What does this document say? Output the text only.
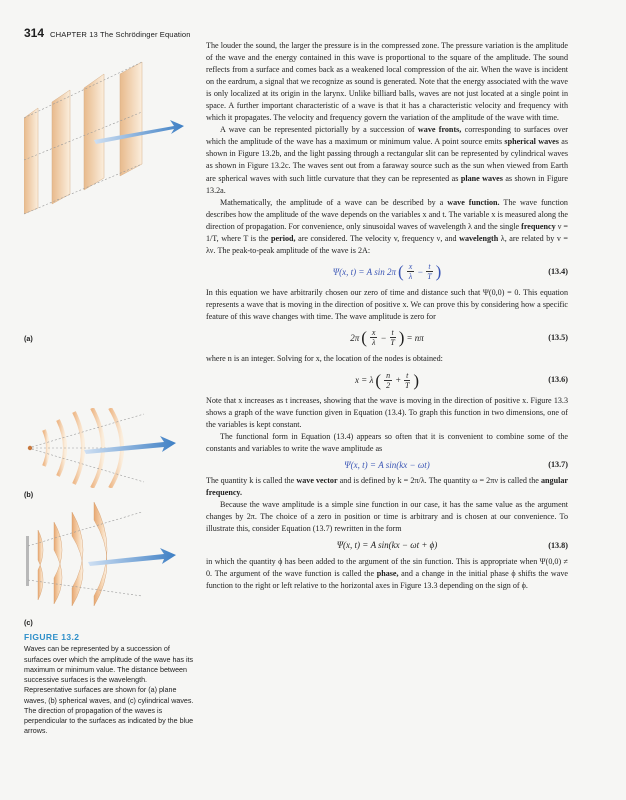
314 CHAPTER 13 The Schrödinger Equation
(a)
(b)
(c)
FIGURE 13.2
Waves can be represented by a succession of surfaces over which the amplitude of the wave has its maximum or minimum value. The distance between successive surfaces is the wavelength. Representative surfaces are shown for (a) plane waves, (b) spherical waves, and (c) cylindrical waves. The direction of propagation of the waves is perpendicular to the surfaces as indicated by the blue arrows.

The louder the sound, the larger the pressure is in the compressed zone. The pressure variation is the amplitude of the wave and the energy contained in this wave is proportional to the square of the amplitude. The sound reflects from a surface and comes back as a weakened local compression of the air. When the wave is incident on the eardrum, a signal that we recognize as sound is generated. Note that the energy associated with the wave is only localized at its origin in the larynx. Unlike billiard balls, waves are not just located at a single point in space. A further important characteristic of a wave is that it has a characteristic velocity and frequency with which it propagates. The velocity and frequency govern the variation of the amplitude of the wave with time.

A wave can be represented pictorially by a succession of wave fronts, corresponding to surfaces over which the amplitude of the wave has a maximum or minimum value. A point source emits spherical waves as shown in Figure 13.2b, and the light passing through a rectangular slit can be represented by cylindrical waves as shown in Figure 13.2c. The waves sent out from a faraway source such as the sun when viewed from Earth are spherical waves with such little curvature that they can be represented as plane waves as shown in Figure 13.2a.

Mathematically, the amplitude of a wave can be described by a wave function. The wave function describes how the amplitude of the wave depends on the variables x and t. The variable x is measured along the direction of propagation. For convenience, only sinusoidal waves of wavelength λ and the single frequency ν = 1/T, where T is the period, are considered. The velocity v, frequency ν, and wavelength λ, are related by v = λν. The peak-to-peak amplitude of the wave is 2A:

Ψ(x, t) = A sin 2π ( $\frac{x}{\lambda} - \frac{t}{T}$ )	(13.4)

In this equation we have arbitrarily chosen our zero of time and distance such that Ψ(0,0) = 0. This equation represents a wave that is moving in the direction of positive x. We can prove this by considering how a specific feature of this wave changes with time. The wave amplitude is zero for

2π ( $\frac{x}{\lambda} - \frac{t}{T}$ ) = nπ	(13.5)

where n is an integer. Solving for x, the location of the nodes is obtained:

x = λ ( $\frac{n}{2} + \frac{t}{T}$ )	(13.6)

Note that x increases as t increases, showing that the wave is moving in the direction of positive x. Figure 13.3 shows a graph of the wave function given in Equation (13.4). To graph this function in two dimensions, one of the variables is kept constant.

The functional form in Equation (13.4) appears so often that it is convenient to combine some of the constants and variables to write the wave amplitude as

Ψ(x, t) = A sin(kx − ωt)	(13.7)

The quantity k is called the wave vector and is defined by k = 2π/λ. The quantity ω = 2πν is called the angular frequency.

Because the wave amplitude is a simple sine function in our case, it has the same value as the argument changes by 2π. The choice of a zero in position or time is arbitrary and is chosen at our convenience. To illustrate this, consider Equation (13.7) rewritten in the form

Ψ(x, t) = A sin(kx − ωt + ϕ)	(13.8)

in which the quantity ϕ has been added to the argument of the sin function. This is appropriate when Ψ(0,0) ≠ 0. The argument of the wave function is called the phase, and a change in the initial phase ϕ shifts the wave function to the right or left relative to the horizontal axes in Figure 13.3 depending on the sign of ϕ.
